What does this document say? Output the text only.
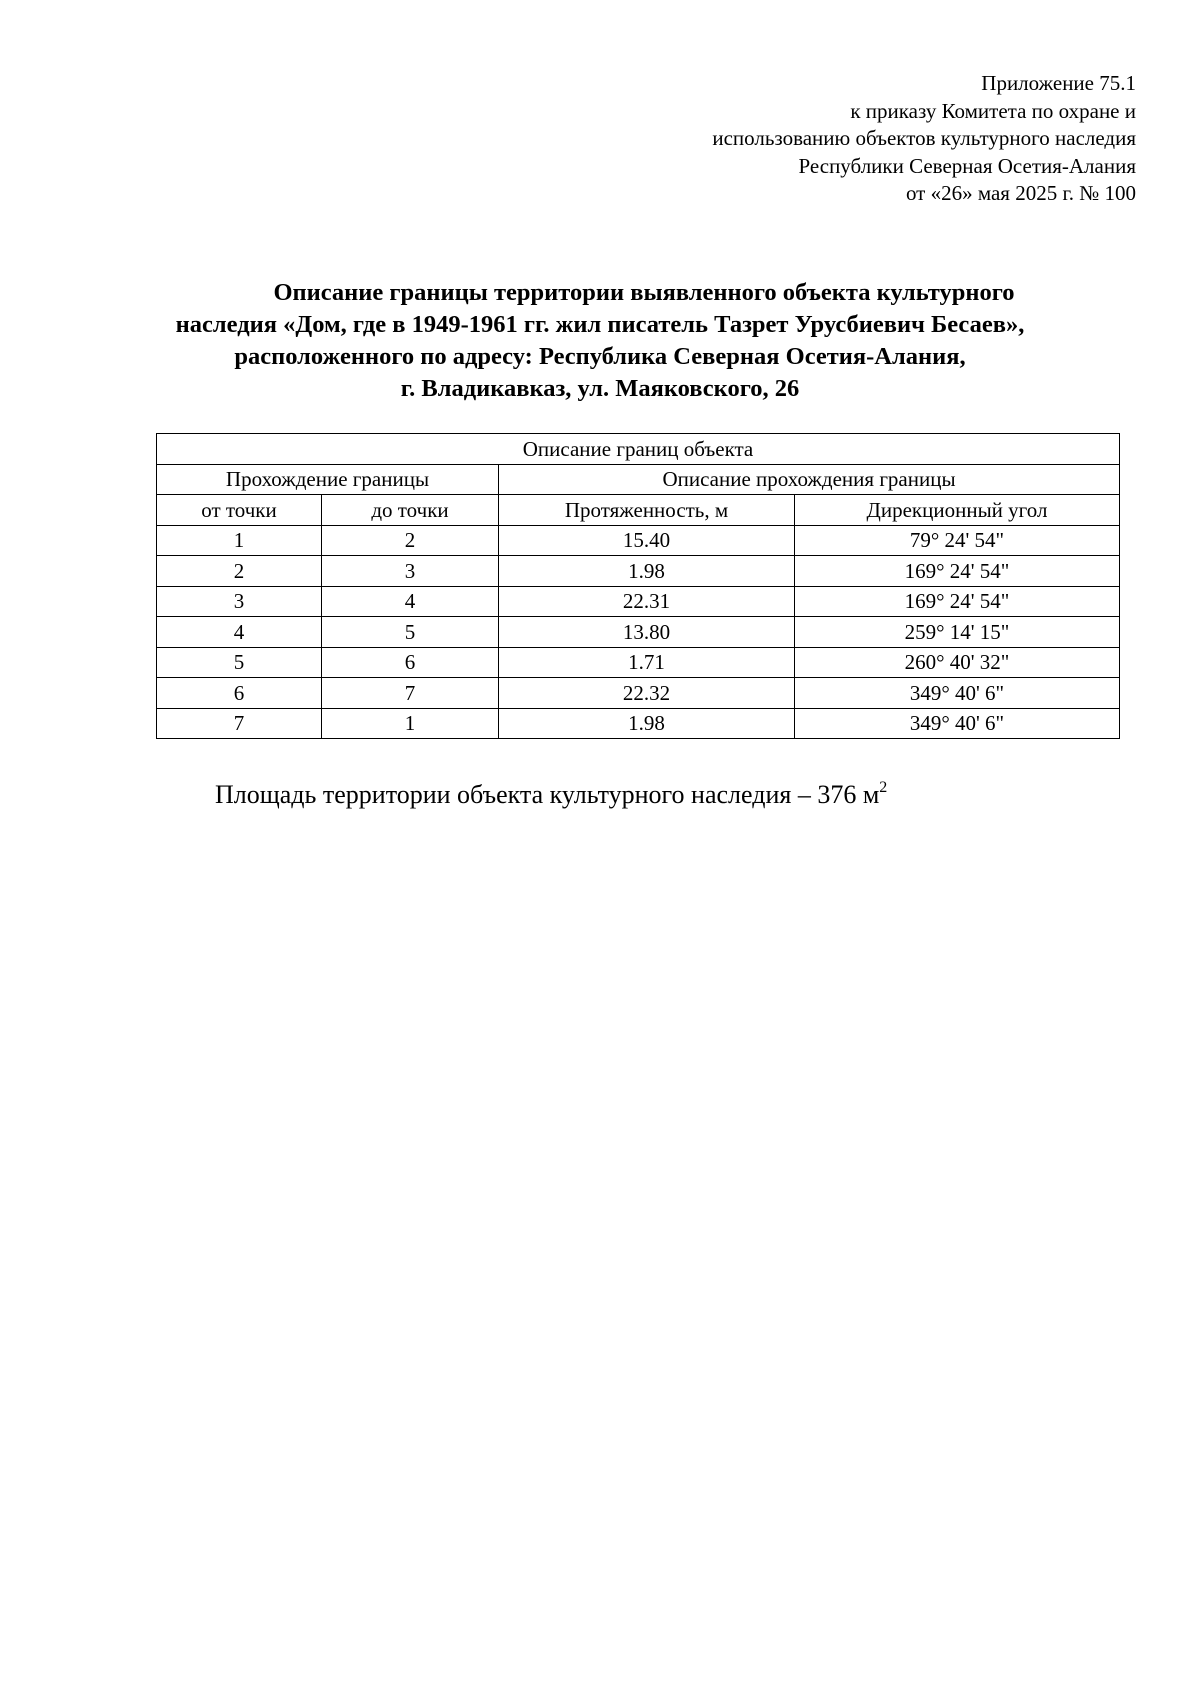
Приложение 75.1
к приказу Комитета по охране и
использованию объектов культурного наследия
Республики Северная Осетия-Алания
от «26» мая 2025 г. № 100
Описание границы территории выявленного объекта культурного
наследия «Дом, где в 1949-1961 гг. жил писатель Тазрет Урусбиевич Бесаев»,
расположенного по адресу: Республика Северная Осетия-Алания,
г. Владикавказ, ул. Маяковского, 26
Описание границ объекта			
Прохождение границы		Описание прохождения границы	
от точки	до точки	Протяженность, м	Дирекционный угол
1	2	15.40	79° 24' 54"
2	3	1.98	169° 24' 54"
3	4	22.31	169° 24' 54"
4	5	13.80	259° 14' 15"
5	6	1.71	260° 40' 32"
6	7	22.32	349° 40' 6"
7	1	1.98	349° 40' 6"
Площадь территории объекта культурного наследия – 376 $м^2$
